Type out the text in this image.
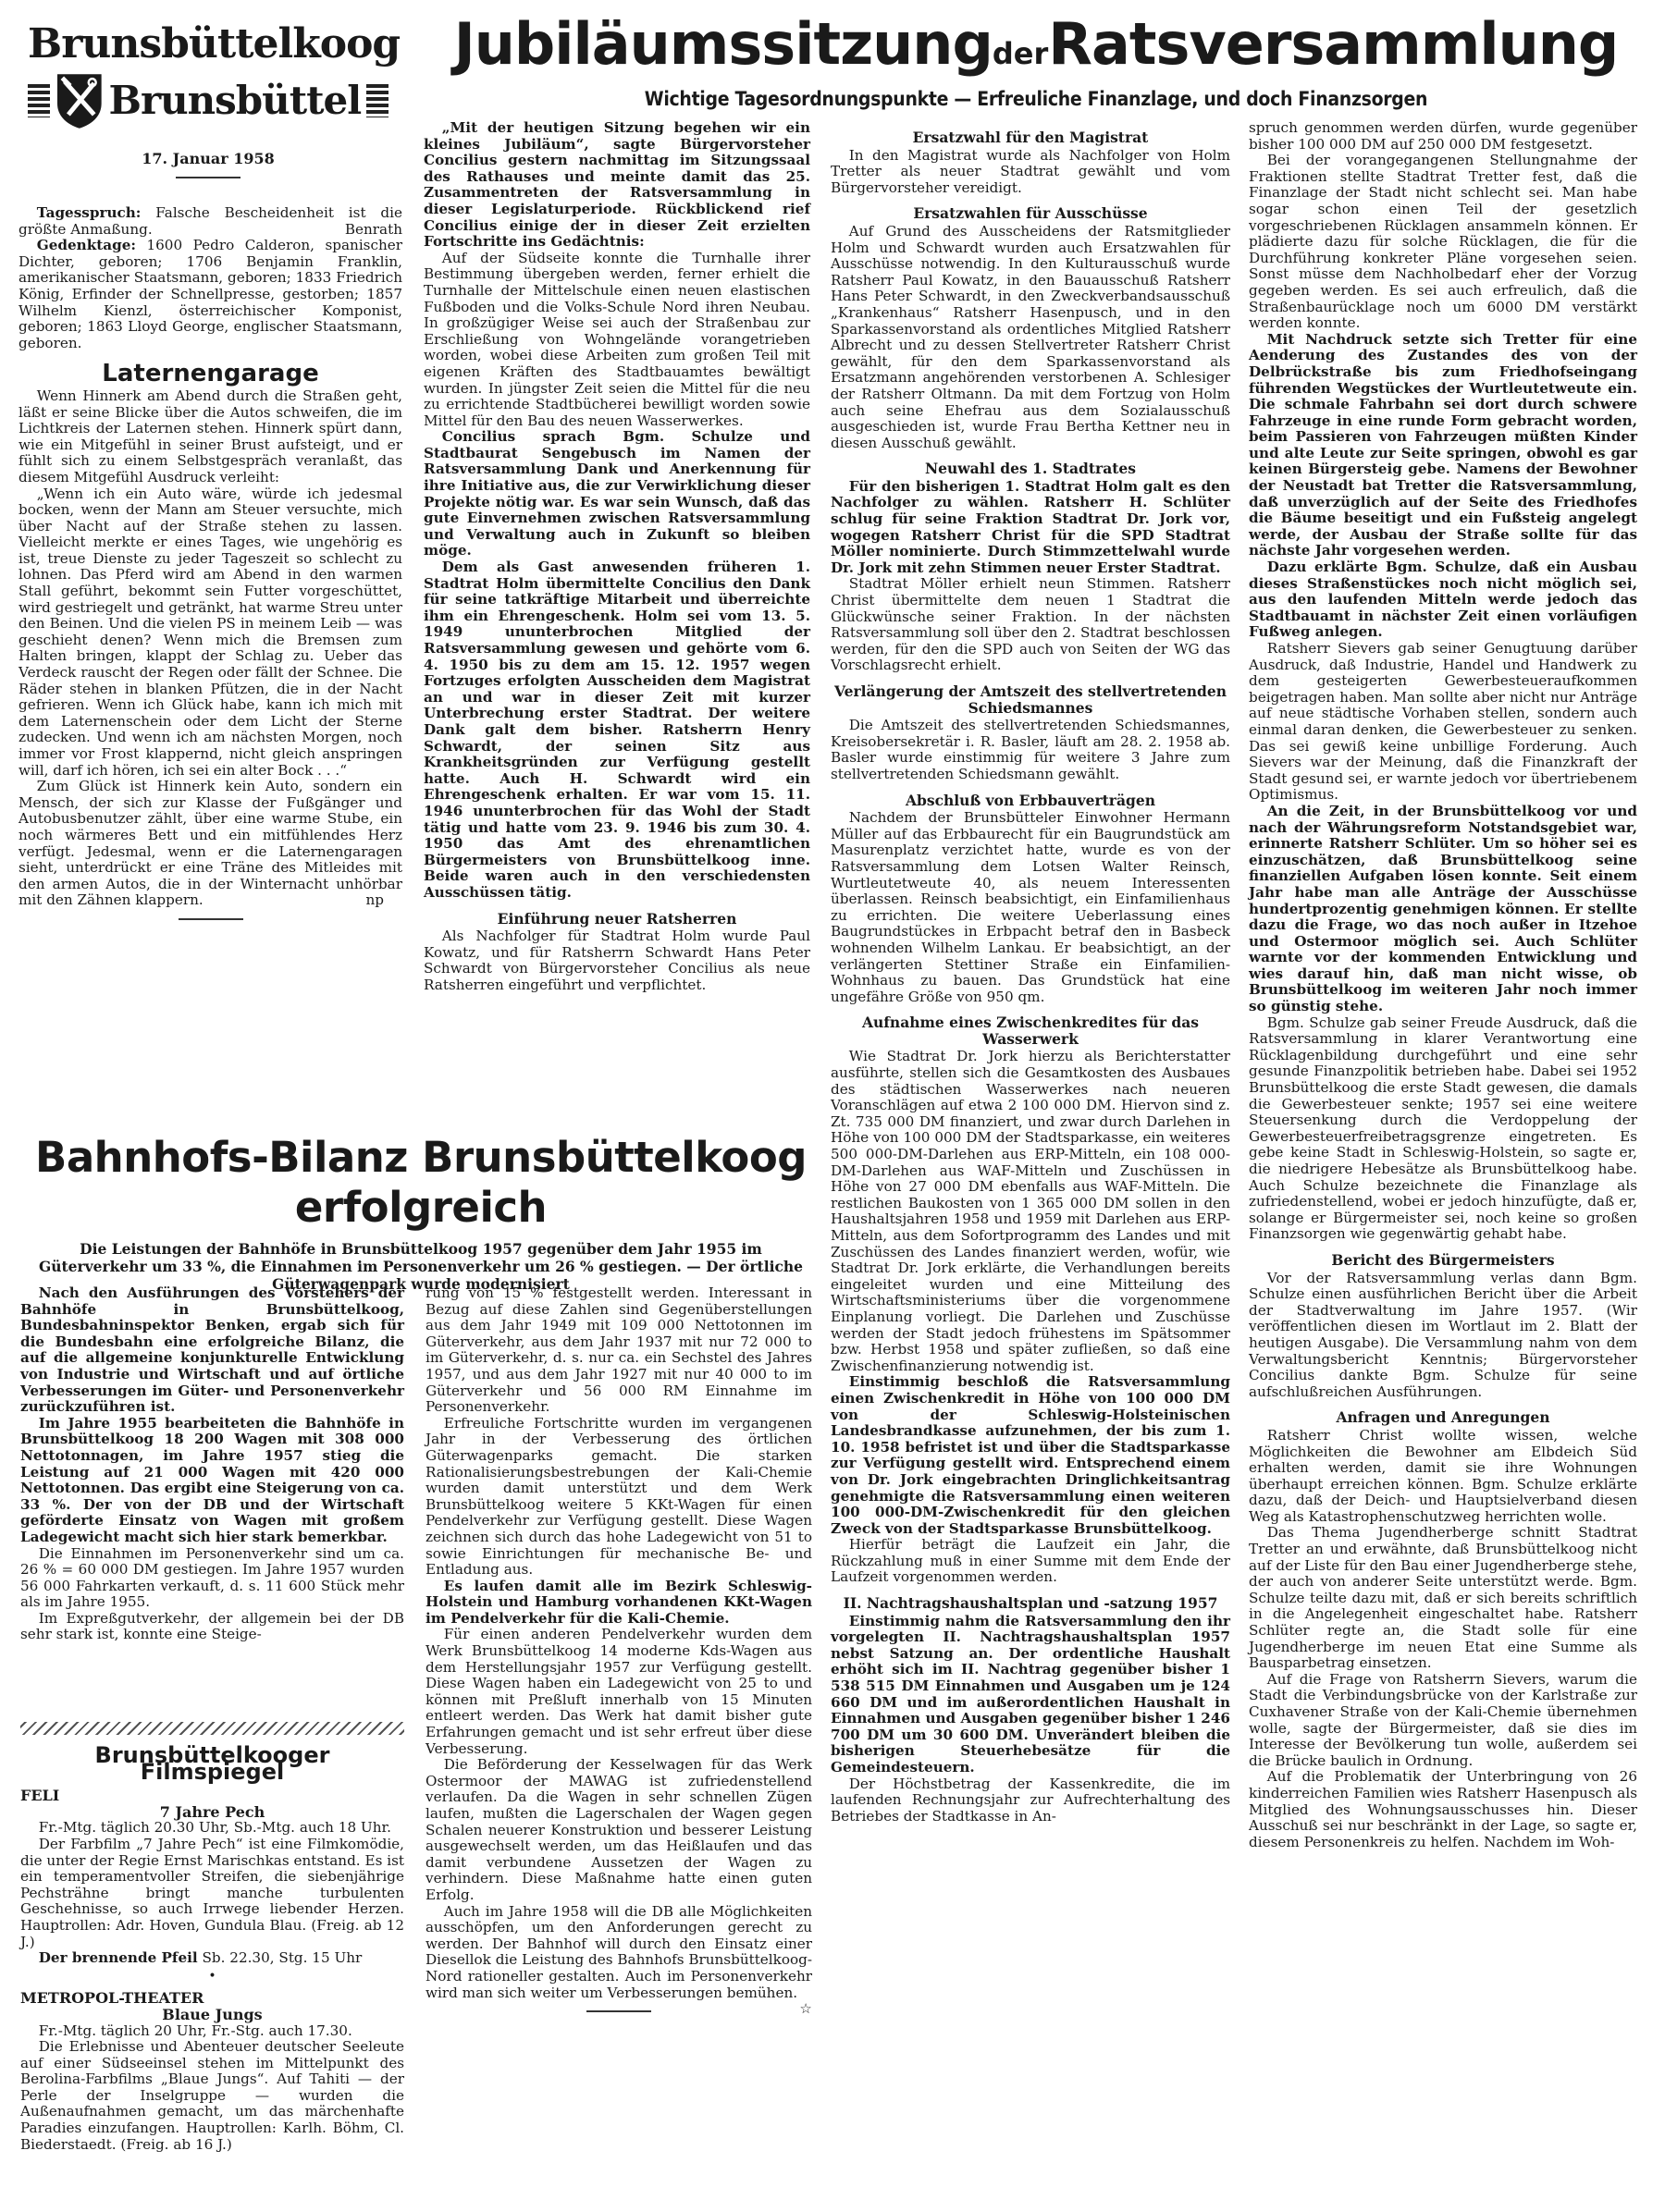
Brunsbüttelkoog
Brunsbüttel
17. Januar 1958
JubiläumssitzungderRatsversammlung
Wichtige Tagesordnungspunkte — Erfreuliche Finanzlage, und doch Finanzsorgen

Tagesspruch: Falsche Bescheidenheit ist die größte Anmaßung.	Benrath

Gedenktage: 1600 Pedro Calderon, spanischer Dichter, geboren; 1706 Benjamin Franklin, amerikanischer Staatsmann, geboren; 1833 Friedrich König, Erfinder der Schnellpresse, gestorben; 1857 Wilhelm Kienzl, österreichischer Komponist, geboren; 1863 Lloyd George, englischer Staatsmann, geboren.

Laternengarage

Wenn Hinnerk am Abend durch die Straßen geht, läßt er seine Blicke über die Autos schweifen, die im Lichtkreis der Laternen stehen. Hinnerk spürt dann, wie ein Mitgefühl in seiner Brust aufsteigt, und er fühlt sich zu einem Selbstgespräch veranlaßt, das diesem Mitgefühl Ausdruck verleiht:

„Wenn ich ein Auto wäre, würde ich jedesmal bocken, wenn der Mann am Steuer versuchte, mich über Nacht auf der Straße stehen zu lassen. Vielleicht merkte er eines Tages, wie ungehörig es ist, treue Dienste zu jeder Tageszeit so schlecht zu lohnen. Das Pferd wird am Abend in den warmen Stall geführt, bekommt sein Futter vorgeschüttet, wird gestriegelt und getränkt, hat warme Streu unter den Beinen. Und die vielen PS in meinem Leib — was geschieht denen? Wenn mich die Bremsen zum Halten bringen, klappt der Schlag zu. Ueber das Verdeck rauscht der Regen oder fällt der Schnee. Die Räder stehen in blanken Pfützen, die in der Nacht gefrieren. Wenn ich Glück habe, kann ich mich mit dem Laternenschein oder dem Licht der Sterne zudecken. Und wenn ich am nächsten Morgen, noch immer vor Frost klappernd, nicht gleich anspringen will, darf ich hören, ich sei ein alter Bock . . .“

Zum Glück ist Hinnerk kein Auto, sondern ein Mensch, der sich zur Klasse der Fußgänger und Autobusbenutzer zählt, über eine warme Stube, ein noch wärmeres Bett und ein mitfühlendes Herz verfügt. Jedesmal, wenn er die Laternengaragen sieht, unterdrückt er eine Träne des Mitleides mit den armen Autos, die in der Winternacht unhörbar mit den Zähnen klappern.	np

„Mit der heutigen Sitzung begehen wir ein kleines Jubiläum“, sagte Bürgervorsteher Concilius gestern nachmittag im Sitzungssaal des Rathauses und meinte damit das 25. Zusammentreten der Ratsversammlung in dieser Legislaturperiode. Rückblickend rief Concilius einige der in dieser Zeit erzielten Fortschritte ins Gedächtnis:

Auf der Südseite konnte die Turnhalle ihrer Bestimmung übergeben werden, ferner erhielt die Turnhalle der Mittelschule einen neuen elastischen Fußboden und die Volks-Schule Nord ihren Neubau. In großzügiger Weise sei auch der Straßenbau zur Erschließung von Wohngelände vorangetrieben worden, wobei diese Arbeiten zum großen Teil mit eigenen Kräften des Stadtbauamtes bewältigt wurden. In jüngster Zeit seien die Mittel für die neu zu errichtende Stadtbücherei bewilligt worden sowie Mittel für den Bau des neuen Wasserwerkes.

Concilius sprach Bgm. Schulze und Stadtbaurat Sengebusch im Namen der Ratsversammlung Dank und Anerkennung für ihre Initiative aus, die zur Verwirklichung dieser Projekte nötig war. Es war sein Wunsch, daß das gute Einvernehmen zwischen Ratsversammlung und Verwaltung auch in Zukunft so bleiben möge.

Dem als Gast anwesenden früheren 1. Stadtrat Holm übermittelte Concilius den Dank für seine tatkräftige Mitarbeit und überreichte ihm ein Ehrengeschenk. Holm sei vom 13. 5. 1949 ununterbrochen Mitglied der Ratsversammlung gewesen und gehörte vom 6. 4. 1950 bis zu dem am 15. 12. 1957 wegen Fortzuges erfolgten Ausscheiden dem Magistrat an und war in dieser Zeit mit kurzer Unterbrechung erster Stadtrat. Der weitere Dank galt dem bisher. Ratsherrn Henry Schwardt, der seinen Sitz aus Krankheitsgründen zur Verfügung gestellt hatte. Auch H. Schwardt wird ein Ehrengeschenk erhalten. Er war vom 15. 11. 1946 ununterbrochen für das Wohl der Stadt tätig und hatte vom 23. 9. 1946 bis zum 30. 4. 1950 das Amt des ehrenamtlichen Bürgermeisters von Brunsbüttelkoog inne. Beide waren auch in den verschiedensten Ausschüssen tätig.

Einführung neuer Ratsherren

Als Nachfolger für Stadtrat Holm wurde Paul Kowatz, und für Ratsherrn Schwardt Hans Peter Schwardt von Bürgervorsteher Concilius als neue Ratsherren eingeführt und verpflichtet.

Ersatzwahl für den Magistrat

In den Magistrat wurde als Nachfolger von Holm Tretter als neuer Stadtrat gewählt und vom Bürgervorsteher vereidigt.

Ersatzwahlen für Ausschüsse

Auf Grund des Ausscheidens der Ratsmitglieder Holm und Schwardt wurden auch Ersatzwahlen für Ausschüsse notwendig. In den Kulturausschuß wurde Ratsherr Paul Kowatz, in den Bauausschuß Ratsherr Hans Peter Schwardt, in den Zweckverbandsausschuß „Krankenhaus“ Ratsherr Hasenpusch, und in den Sparkassenvorstand als ordentliches Mitglied Ratsherr Albrecht und zu dessen Stellvertreter Ratsherr Christ gewählt, für den dem Sparkassenvorstand als Ersatzmann angehörenden verstorbenen A. Schlesiger der Ratsherr Oltmann. Da mit dem Fortzug von Holm auch seine Ehefrau aus dem Sozialausschuß ausgeschieden ist, wurde Frau Bertha Kettner neu in diesen Ausschuß gewählt.

Neuwahl des 1. Stadtrates

Für den bisherigen 1. Stadtrat Holm galt es den Nachfolger zu wählen. Ratsherr H. Schlüter schlug für seine Fraktion Stadtrat Dr. Jork vor, wogegen Ratsherr Christ für die SPD Stadtrat Möller nominierte. Durch Stimmzettelwahl wurde Dr. Jork mit zehn Stimmen neuer Erster Stadtrat.

Stadtrat Möller erhielt neun Stimmen. Ratsherr Christ übermittelte dem neuen 1 Stadtrat die Glückwünsche seiner Fraktion. In der nächsten Ratsversammlung soll über den 2. Stadtrat beschlossen werden, für den die SPD auch von Seiten der WG das Vorschlagsrecht erhielt.

Verlängerung der Amtszeit des stellvertretenden Schiedsmannes

Die Amtszeit des stellvertretenden Schiedsmannes, Kreisobersekretär i. R. Basler, läuft am 28. 2. 1958 ab. Basler wurde einstimmig für weitere 3 Jahre zum stellvertretenden Schiedsmann gewählt.

Abschluß von Erbbauverträgen

Nachdem der Brunsbütteler Einwohner Hermann Müller auf das Erbbaurecht für ein Baugrundstück am Masurenplatz verzichtet hatte, wurde es von der Ratsversammlung dem Lotsen Walter Reinsch, Wurtleutetweute 40, als neuem Interessenten überlassen. Reinsch beabsichtigt, ein Einfamilienhaus zu errichten. Die weitere Ueberlassung eines Baugrundstückes in Erbpacht betraf den in Basbeck wohnenden Wilhelm Lankau. Er beabsichtigt, an der verlängerten Stettiner Straße ein Einfamilien-Wohnhaus zu bauen. Das Grundstück hat eine ungefähre Größe von 950 qm.

Aufnahme eines Zwischenkredites für das Wasserwerk

Wie Stadtrat Dr. Jork hierzu als Berichterstatter ausführte, stellen sich die Gesamtkosten des Ausbaues des städtischen Wasserwerkes nach neueren Voranschlägen auf etwa 2 100 000 DM. Hiervon sind z. Zt. 735 000 DM finanziert, und zwar durch Darlehen in Höhe von 100 000 DM der Stadtsparkasse, ein weiteres 500 000-DM-Darlehen aus ERP-Mitteln, ein 108 000-DM-Darlehen aus WAF-Mitteln und Zuschüssen in Höhe von 27 000 DM ebenfalls aus WAF-Mitteln. Die restlichen Baukosten von 1 365 000 DM sollen in den Haushaltsjahren 1958 und 1959 mit Darlehen aus ERP-Mitteln, aus dem Sofortprogramm des Landes und mit Zuschüssen des Landes finanziert werden, wofür, wie Stadtrat Dr. Jork erklärte, die Verhandlungen bereits eingeleitet wurden und eine Mitteilung des Wirtschaftsministeriums über die vorgenommene Einplanung vorliegt. Die Darlehen und Zuschüsse werden der Stadt jedoch frühestens im Spätsommer bzw. Herbst 1958 und später zufließen, so daß eine Zwischenfinanzierung notwendig ist.

Einstimmig beschloß die Ratsversammlung einen Zwischenkredit in Höhe von 100 000 DM von der Schleswig-Holsteinischen Landesbrandkasse aufzunehmen, der bis zum 1. 10. 1958 befristet ist und über die Stadtsparkasse zur Verfügung gestellt wird. Entsprechend einem von Dr. Jork eingebrachten Dringlichkeitsantrag genehmigte die Ratsversammlung einen weiteren 100 000-DM-Zwischenkredit für den gleichen Zweck von der Stadtsparkasse Brunsbüttelkoog.

Hierfür beträgt die Laufzeit ein Jahr, die Rückzahlung muß in einer Summe mit dem Ende der Laufzeit vorgenommen werden.

II. Nachtragshaushaltsplan und -satzung 1957

Einstimmig nahm die Ratsversammlung den ihr vorgelegten II. Nachtragshaushaltsplan 1957 nebst Satzung an. Der ordentliche Haushalt erhöht sich im II. Nachtrag gegenüber bisher 1 538 515 DM Einnahmen und Ausgaben um je 124 660 DM und im außerordentlichen Haushalt in Einnahmen und Ausgaben gegenüber bisher 1 246 700 DM um 30 600 DM. Unverändert bleiben die bisherigen Steuerhebesätze für die Gemeindesteuern.

Der Höchstbetrag der Kassenkredite, die im laufenden Rechnungsjahr zur Aufrechterhaltung des Betriebes der Stadtkasse in An-

spruch genommen werden dürfen, wurde gegenüber bisher 100 000 DM auf 250 000 DM festgesetzt.

Bei der vorangegangenen Stellungnahme der Fraktionen stellte Stadtrat Tretter fest, daß die Finanzlage der Stadt nicht schlecht sei. Man habe sogar schon einen Teil der gesetzlich vorgeschriebenen Rücklagen ansammeln können. Er plädierte dazu für solche Rücklagen, die für die Durchführung konkreter Pläne vorgesehen seien. Sonst müsse dem Nachholbedarf eher der Vorzug gegeben werden. Es sei auch erfreulich, daß die Straßenbaurücklage noch um 6000 DM verstärkt werden konnte.

Mit Nachdruck setzte sich Tretter für eine Aenderung des Zustandes des von der Delbrückstraße bis zum Friedhofseingang führenden Wegstückes der Wurtleutetweute ein. Die schmale Fahrbahn sei dort durch schwere Fahrzeuge in eine runde Form gebracht worden, beim Passieren von Fahrzeugen müßten Kinder und alte Leute zur Seite springen, obwohl es gar keinen Bürgersteig gebe. Namens der Bewohner der Neustadt bat Tretter die Ratsversammlung, daß unverzüglich auf der Seite des Friedhofes die Bäume beseitigt und ein Fußsteig angelegt werde, der Ausbau der Straße sollte für das nächste Jahr vorgesehen werden.

Dazu erklärte Bgm. Schulze, daß ein Ausbau dieses Straßenstückes noch nicht möglich sei, aus den laufenden Mitteln werde jedoch das Stadtbauamt in nächster Zeit einen vorläufigen Fußweg anlegen.

Ratsherr Sievers gab seiner Genugtuung darüber Ausdruck, daß Industrie, Handel und Handwerk zu dem gesteigerten Gewerbesteueraufkommen beigetragen haben. Man sollte aber nicht nur Anträge auf neue städtische Vorhaben stellen, sondern auch einmal daran denken, die Gewerbesteuer zu senken. Das sei gewiß keine unbillige Forderung. Auch Sievers war der Meinung, daß die Finanzkraft der Stadt gesund sei, er warnte jedoch vor übertriebenem Optimismus.

An die Zeit, in der Brunsbüttelkoog vor und nach der Währungsreform Notstandsgebiet war, erinnerte Ratsherr Schlüter. Um so höher sei es einzuschätzen, daß Brunsbüttelkoog seine finanziellen Aufgaben lösen konnte. Seit einem Jahr habe man alle Anträge der Ausschüsse hundertprozentig genehmigen können. Er stellte dazu die Frage, wo das noch außer in Itzehoe und Ostermoor möglich sei. Auch Schlüter warnte vor der kommenden Entwicklung und wies darauf hin, daß man nicht wisse, ob Brunsbüttelkoog im weiteren Jahr noch immer so günstig stehe.

Bgm. Schulze gab seiner Freude Ausdruck, daß die Ratsversammlung in klarer Verantwortung eine Rücklagenbildung durchgeführt und eine sehr gesunde Finanzpolitik betrieben habe. Dabei sei 1952 Brunsbüttelkoog die erste Stadt gewesen, die damals die Gewerbesteuer senkte; 1957 sei eine weitere Steuersenkung durch die Verdoppelung der Gewerbesteuerfreibetragsgrenze eingetreten. Es gebe keine Stadt in Schleswig-Holstein, so sagte er, die niedrigere Hebesätze als Brunsbüttelkoog habe. Auch Schulze bezeichnete die Finanzlage als zufriedenstellend, wobei er jedoch hinzufügte, daß er, solange er Bürgermeister sei, noch keine so großen Finanzsorgen wie gegenwärtig gehabt habe.

Bericht des Bürgermeisters

Vor der Ratsversammlung verlas dann Bgm. Schulze einen ausführlichen Bericht über die Arbeit der Stadtverwaltung im Jahre 1957. (Wir veröffentlichen diesen im Wortlaut im 2. Blatt der heutigen Ausgabe). Die Versammlung nahm von dem Verwaltungsbericht Kenntnis; Bürgervorsteher Concilius dankte Bgm. Schulze für seine aufschlußreichen Ausführungen.

Anfragen und Anregungen

Ratsherr Christ wollte wissen, welche Möglichkeiten die Bewohner am Elbdeich Süd erhalten werden, damit sie ihre Wohnungen überhaupt erreichen können. Bgm. Schulze erklärte dazu, daß der Deich- und Hauptsielverband diesen Weg als Katastrophenschutzweg herrichten wolle.

Das Thema Jugendherberge schnitt Stadtrat Tretter an und erwähnte, daß Brunsbüttelkoog nicht auf der Liste für den Bau einer Jugendherberge stehe, der auch von anderer Seite unterstützt werde. Bgm. Schulze teilte dazu mit, daß er sich bereits schriftlich in die Angelegenheit eingeschaltet habe. Ratsherr Schlüter regte an, die Stadt solle für eine Jugendherberge im neuen Etat eine Summe als Bausparbetrag einsetzen.

Auf die Frage von Ratsherrn Sievers, warum die Stadt die Verbindungsbrücke von der Karlstraße zur Cuxhavener Straße von der Kali-Chemie übernehmen wolle, sagte der Bürgermeister, daß sie dies im Interesse der Bevölkerung tun wolle, außerdem sei die Brücke baulich in Ordnung.

Auf die Problematik der Unterbringung von 26 kinderreichen Familien wies Ratsherr Hasenpusch als Mitglied des Wohnungsausschusses hin. Dieser Ausschuß sei nur beschränkt in der Lage, so sagte er, diesem Personenkreis zu helfen. Nachdem im Woh-

Bahnhofs-Bilanz Brunsbüttelkoog
erfolgreich
Die Leistungen der Bahnhöfe in Brunsbüttelkoog 1957 gegenüber dem Jahr 1955 im Güterverkehr um 33 %, die Einnahmen im Personenverkehr um 26 % gestiegen. — Der örtliche Güterwagenpark wurde modernisiert

Nach den Ausführungen des Vorstehers der Bahnhöfe in Brunsbüttelkoog, Bundesbahninspektor Benken, ergab sich für die Bundesbahn eine erfolgreiche Bilanz, die auf die allgemeine konjunkturelle Entwicklung von Industrie und Wirtschaft und auf örtliche Verbesserungen im Güter- und Personenverkehr zurückzuführen ist.

Im Jahre 1955 bearbeiteten die Bahnhöfe in Brunsbüttelkoog 18 200 Wagen mit 308 000 Nettotonnagen, im Jahre 1957 stieg die Leistung auf 21 000 Wagen mit 420 000 Nettotonnen. Das ergibt eine Steigerung von ca. 33 %. Der von der DB und der Wirtschaft geförderte Einsatz von Wagen mit großem Ladegewicht macht sich hier stark bemerkbar.

Die Einnahmen im Personenverkehr sind um ca. 26 % = 60 000 DM gestiegen. Im Jahre 1957 wurden 56 000 Fahrkarten verkauft, d. s. 11 600 Stück mehr als im Jahre 1955.

Im Expreßgutverkehr, der allgemein bei der DB sehr stark ist, konnte eine Steige-

rung von 15 % festgestellt werden. Interessant in Bezug auf diese Zahlen sind Gegenüberstellungen aus dem Jahr 1949 mit 109 000 Nettotonnen im Güterverkehr, aus dem Jahr 1937 mit nur 72 000 to im Güterverkehr, d. s. nur ca. ein Sechstel des Jahres 1957, und aus dem Jahr 1927 mit nur 40 000 to im Güterverkehr und 56 000 RM Einnahme im Personenverkehr.

Erfreuliche Fortschritte wurden im vergangenen Jahr in der Verbesserung des örtlichen Güterwagenparks gemacht. Die starken Rationalisierungsbestrebungen der Kali-Chemie wurden damit unterstützt und dem Werk Brunsbüttelkoog weitere 5 KKt-Wagen für einen Pendelverkehr zur Verfügung gestellt. Diese Wagen zeichnen sich durch das hohe Ladegewicht von 51 to sowie Einrichtungen für mechanische Be- und Entladung aus.

Es laufen damit alle im Bezirk Schleswig-Holstein und Hamburg vorhandenen KKt-Wagen im Pendelverkehr für die Kali-Chemie.

Für einen anderen Pendelverkehr wurden dem Werk Brunsbüttelkoog 14 moderne Kds-Wagen aus dem Herstellungsjahr 1957 zur Verfügung gestellt. Diese Wagen haben ein Ladegewicht von 25 to und können mit Preßluft innerhalb von 15 Minuten entleert werden. Das Werk hat damit bisher gute Erfahrungen gemacht und ist sehr erfreut über diese Verbesserung.

Die Beförderung der Kesselwagen für das Werk Ostermoor der MAWAG ist zufriedenstellend verlaufen. Da die Wagen in sehr schnellen Zügen laufen, mußten die Lagerschalen der Wagen gegen Schalen neuerer Konstruktion und besserer Leistung ausgewechselt werden, um das Heißlaufen und das damit verbundene Aussetzen der Wagen zu verhindern. Diese Maßnahme hatte einen guten Erfolg.

Auch im Jahre 1958 will die DB alle Möglichkeiten ausschöpfen, um den Anforderungen gerecht zu werden. Der Bahnhof will durch den Einsatz einer Diesellok die Leistung des Bahnhofs Brunsbüttelkoog-Nord rationeller gestalten. Auch im Personenverkehr wird man sich weiter um Verbesserungen bemühen.
☆

Brunsbüttelkooger Filmspiegel
FELI
7 Jahre Pech

Fr.-Mtg. täglich 20.30 Uhr, Sb.-Mtg. auch 18 Uhr.

Der Farbfilm „7 Jahre Pech“ ist eine Filmkomödie, die unter der Regie Ernst Marischkas entstand. Es ist ein temperamentvoller Streifen, die siebenjährige Pechsträhne bringt manche turbulenten Geschehnisse, so auch Irrwege liebender Herzen. Hauptrollen: Adr. Hoven, Gundula Blau. (Freig. ab 12 J.)

Der brennende Pfeil Sb. 22.30, Stg. 15 Uhr

•
METROPOL-THEATER
Blaue Jungs

Fr.-Mtg. täglich 20 Uhr, Fr.-Stg. auch 17.30.

Die Erlebnisse und Abenteuer deutscher Seeleute auf einer Südseeinsel stehen im Mittelpunkt des Berolina-Farbfilms „Blaue Jungs“. Auf Tahiti — der Perle der Inselgruppe — wurden die Außenaufnahmen gemacht, um das märchenhafte Paradies einzufangen. Hauptrollen: Karlh. Böhm, Cl. Biederstaedt. (Freig. ab 16 J.)
